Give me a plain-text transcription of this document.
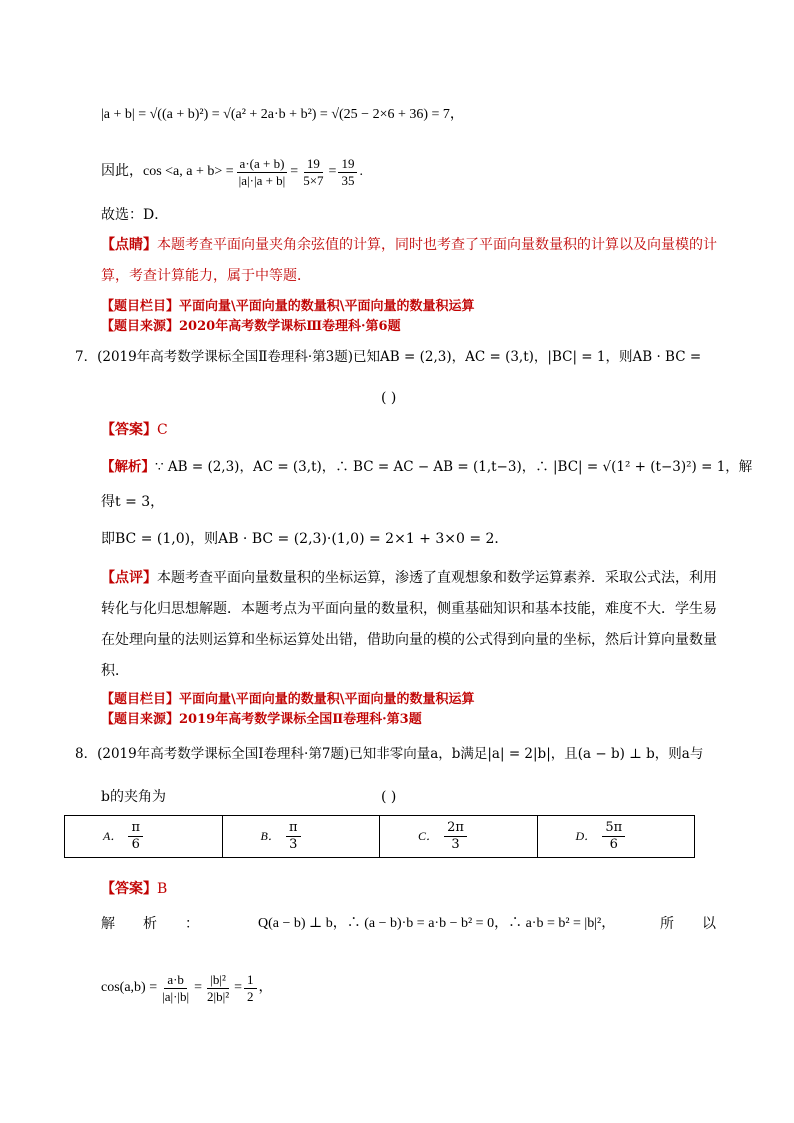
|a + b| = √((a + b)²) = √(a² + 2a·b + b²) = √(25 − 2×6 + 36) = 7，
因此，cos <a, $a + b> = \frac{a\cdot(a + b)}{|a|\cdot|a + b|} = \frac{19}{5\times 7} = \frac{19}{35}$ .
故选：D．
【点睛】本题考查平面向量夹角余弦值的计算，同时也考查了平面向量数量积的计算以及向量模的计
算，考查计算能力，属于中等题．
【题目栏目】平面向量\平面向量的数量积\平面向量的数量积运算
【题目来源】2020年高考数学课标Ⅲ卷理科·第6题
7．(2019年高考数学课标全国Ⅱ卷理科·第3题)已知AB = (2,3)，AC = (3,t)，|BC| = 1，则AB · BC =
( )
【答案】C
【解析】∵ AB = (2,3)，AC = (3,t)，∴ BC = AC − AB = (1,t−3)，∴ |BC| = √(1² + (t−3)²) = 1，解
得t = 3，
即BC = (1,0)，则AB · BC = (2,3)·(1,0) = 2×1 + 3×0 = 2．
【点评】本题考查平面向量数量积的坐标运算，渗透了直观想象和数学运算素养．采取公式法，利用
转化与化归思想解题．本题考点为平面向量的数量积，侧重基础知识和基本技能，难度不大．学生易
在处理向量的法则运算和坐标运算处出错，借助向量的模的公式得到向量的坐标，然后计算向量数量
积．
【题目栏目】平面向量\平面向量的数量积\平面向量的数量积运算
【题目来源】2019年高考数学课标全国Ⅱ卷理科·第3题
8．(2019年高考数学课标全国Ⅰ卷理科·第7题)已知非零向量a，b满足|a| = 2|b|，且(a − b) ⊥ b，则a与
b的夹角为	( )
A． $\frac{\pi}{6}$	B． $\frac{\pi}{3}$	C． $\frac{2\pi}{3}$	D． $\frac{5\pi}{6}$
【答案】B
解　　析　　：	Q(a − b) ⊥ b，∴ (a − b)·b = a·b − b² = 0，∴ a·b = b² = |b|²，	所　　以
$\cos(a,b) = \frac{a\cdot b}{|a|\cdot|b|} = \frac{\text{|b|²}}{\text{2|b|²}} = \frac{1}{2}$ ，
